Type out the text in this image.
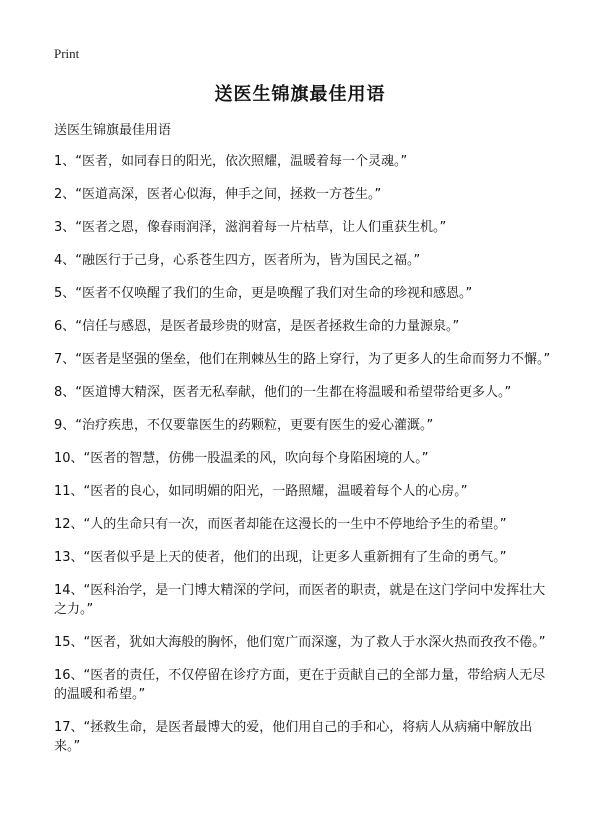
Print
送医生锦旗最佳用语
送医生锦旗最佳用语
1、“医者，如同春日的阳光，依次照耀，温暖着每一个灵魂。”
2、“医道高深，医者心似海，伸手之间，拯救一方苍生。”
3、“医者之恩，像春雨润泽，滋润着每一片枯草，让人们重获生机。”
4、“融医行于己身，心系苍生四方，医者所为，皆为国民之福。”
5、“医者不仅唤醒了我们的生命，更是唤醒了我们对生命的珍视和感恩。”
6、“信任与感恩，是医者最珍贵的财富，是医者拯救生命的力量源泉。”
7、“医者是坚强的堡垒，他们在荆棘丛生的路上穿行，为了更多人的生命而努力不懈。”
8、“医道博大精深，医者无私奉献，他们的一生都在将温暖和希望带给更多人。”
9、“治疗疾患，不仅要靠医生的药颗粒，更要有医生的爱心灌溉。”
10、“医者的智慧，仿佛一股温柔的风，吹向每个身陷困境的人。”
11、“医者的良心，如同明媚的阳光，一路照耀，温暖着每个人的心房。”
12、“人的生命只有一次，而医者却能在这漫长的一生中不停地给予生的希望。”
13、“医者似乎是上天的使者，他们的出现，让更多人重新拥有了生命的勇气。”
14、“医科治学，是一门博大精深的学问，而医者的职责，就是在这门学问中发挥壮大之力。”
15、“医者，犹如大海般的胸怀，他们宽广而深邃，为了救人于水深火热而孜孜不倦。”
16、“医者的责任，不仅停留在诊疗方面，更在于贡献自己的全部力量，带给病人无尽的温暖和希望。”
17、“拯救生命，是医者最博大的爱，他们用自己的手和心，将病人从病痛中解放出来。”
